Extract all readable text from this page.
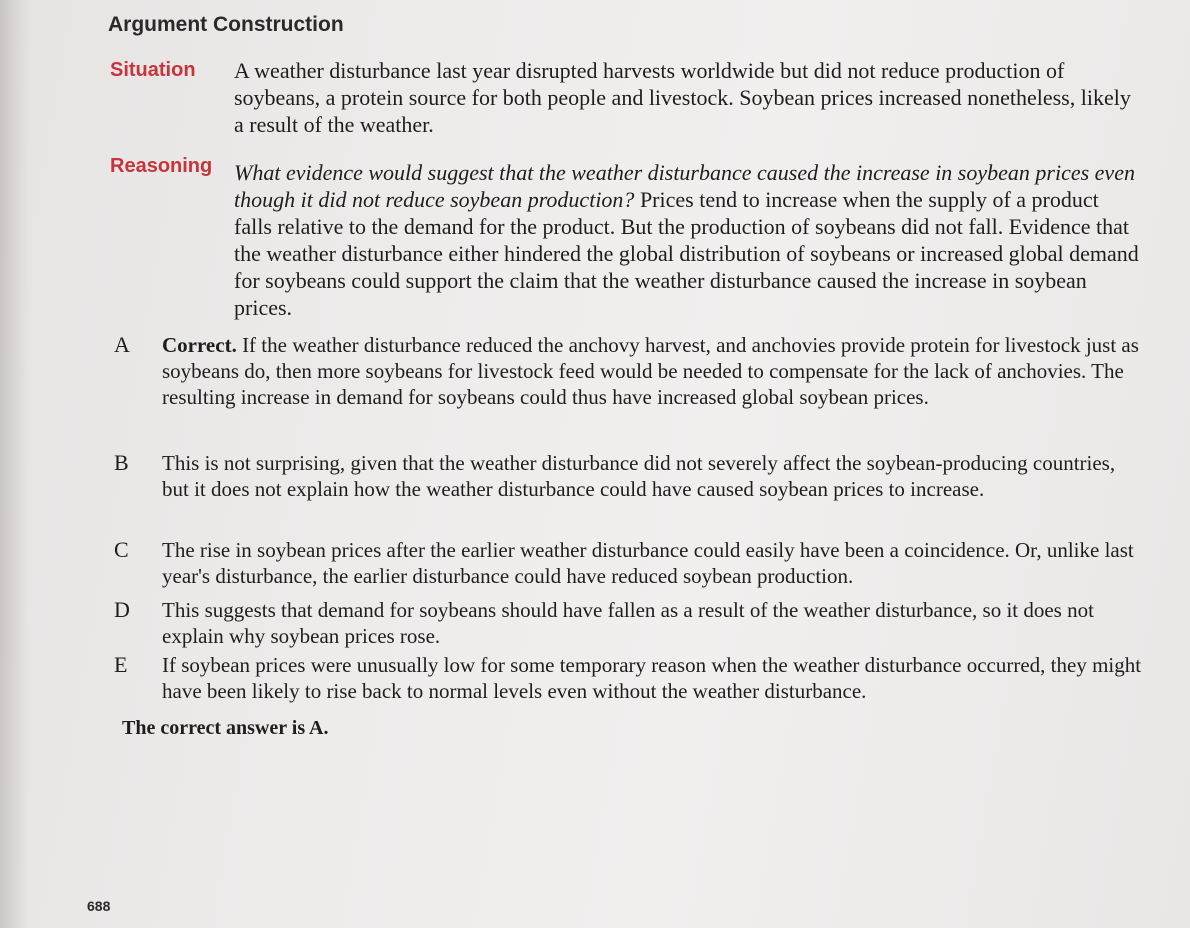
Argument Construction
Situation A weather disturbance last year disrupted harvests worldwide but did not reduce production of soybeans, a protein source for both people and livestock. Soybean prices increased nonetheless, likely a result of the weather.

Reasoning What evidence would suggest that the weather disturbance caused the increase in soybean prices even though it did not reduce soybean production? Prices tend to increase when the supply of a product falls relative to the demand for the product. But the production of soybeans did not fall. Evidence that the weather disturbance either hindered the global distribution of soybeans or increased global demand for soybeans could support the claim that the weather disturbance caused the increase in soybean prices.

A Correct. If the weather disturbance reduced the anchovy harvest, and anchovies provide protein for livestock just as soybeans do, then more soybeans for livestock feed would be needed to compensate for the lack of anchovies. The resulting increase in demand for soybeans could thus have increased global soybean prices.
B This is not surprising, given that the weather disturbance did not severely affect the soybean-producing countries, but it does not explain how the weather disturbance could have caused soybean prices to increase.
C The rise in soybean prices after the earlier weather disturbance could easily have been a coincidence. Or, unlike last year's disturbance, the earlier disturbance could have reduced soybean production.
D This suggests that demand for soybeans should have fallen as a result of the weather disturbance, so it does not explain why soybean prices rose.
E If soybean prices were unusually low for some temporary reason when the weather disturbance occurred, they might have been likely to rise back to normal levels even without the weather disturbance.
The correct answer is A.
688
